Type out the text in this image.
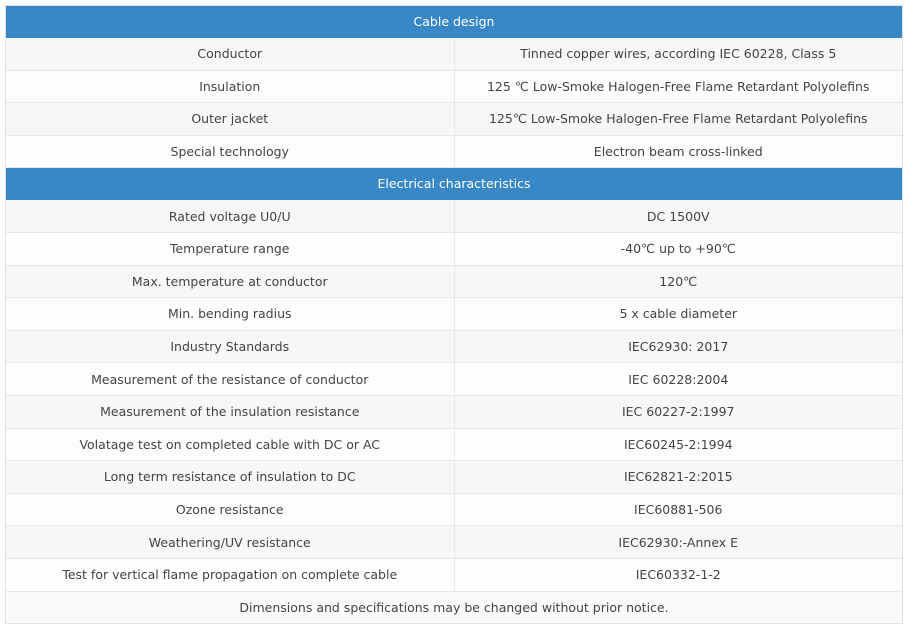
Cable design	
Conductor	Tinned copper wires, according IEC 60228, Class 5
Insulation	125 ℃ Low-Smoke Halogen-Free Flame Retardant Polyolefins
Outer jacket	125℃ Low-Smoke Halogen-Free Flame Retardant Polyolefins
Special technology	Electron beam cross-linked
Electrical characteristics	
Rated voltage U0/U	DC 1500V
Temperature range	-40℃ up to +90℃
Max. temperature at conductor	120℃
Min. bending radius	5 x cable diameter
Industry Standards	IEC62930: 2017
Measurement of the resistance of conductor	IEC 60228:2004
Measurement of the insulation resistance	IEC 60227-2:1997
Volatage test on completed cable with DC or AC	IEC60245-2:1994
Long term resistance of insulation to DC	IEC62821-2:2015
Ozone resistance	IEC60881-506
Weathering/UV resistance	IEC62930:-Annex E
Test for vertical flame propagation on complete cable	IEC60332-1-2
Dimensions and specifications may be changed without prior notice.	
